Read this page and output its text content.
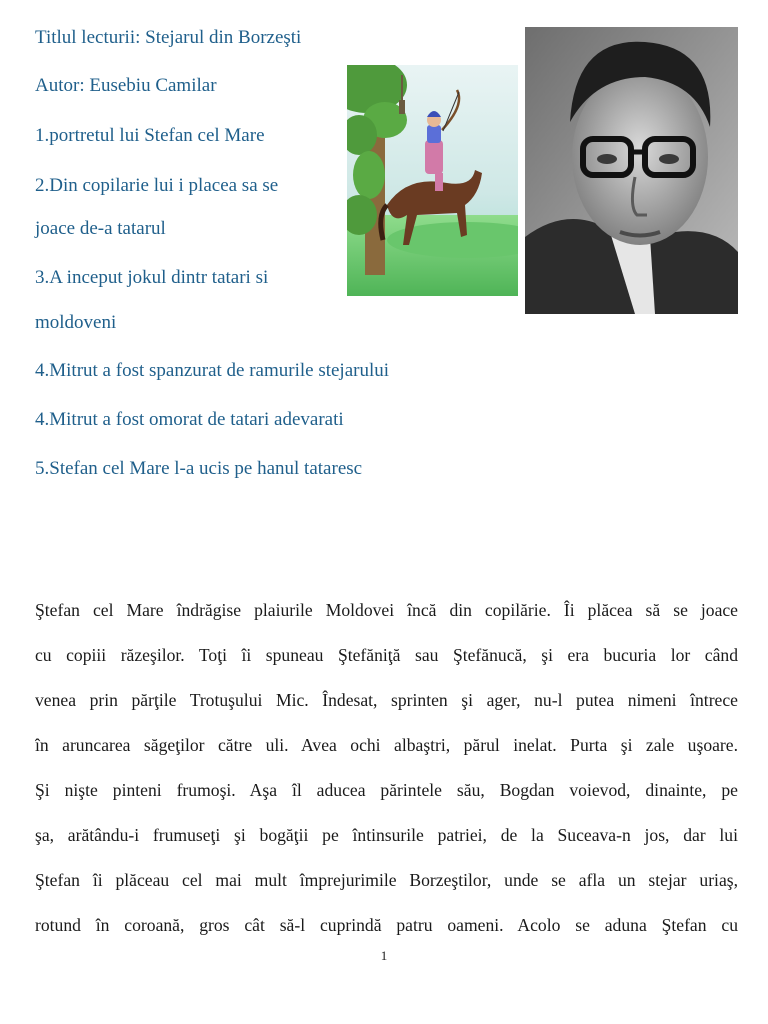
Titlul lecturii: Stejarul din Borzeşti
Autor: Eusebiu Camilar
1.portretul lui Stefan cel Mare
2.Din copilarie lui i placea sa se
joace de-a tatarul
3.A inceput jokul dintr tatari si
moldoveni
4.Mitrut a fost spanzurat de ramurile stejarului
4.Mitrut a fost omorat de tatari adevarati
5.Stefan cel Mare l-a ucis pe hanul tataresc
Ştefan cel Mare îndrăgise plaiurile Moldovei încă din copilărie. Îi plăcea să se joace
cu copiii răzeşilor. Toţi îi spuneau Ştefăniţă sau Ştefănucă, şi era bucuria lor când
venea prin părţile Trotuşului Mic. Îndesat, sprinten şi ager, nu-l putea nimeni întrece
în aruncarea săgeţilor către uli. Avea ochi albaştri, părul inelat. Purta şi zale uşoare.
Şi nişte pinteni frumoşi. Aşa îl aducea părintele său, Bogdan voievod, dinainte, pe
şa, arătându-i frumuseţi şi bogăţii pe întinsurile patriei, de la Suceava-n jos, dar lui
Ştefan îi plăceau cel mai mult împrejurimile Borzeştilor, unde se afla un stejar uriaş,
rotund în coroană, gros cât să-l cuprindă patru oameni. Acolo se aduna Ştefan cu
1
